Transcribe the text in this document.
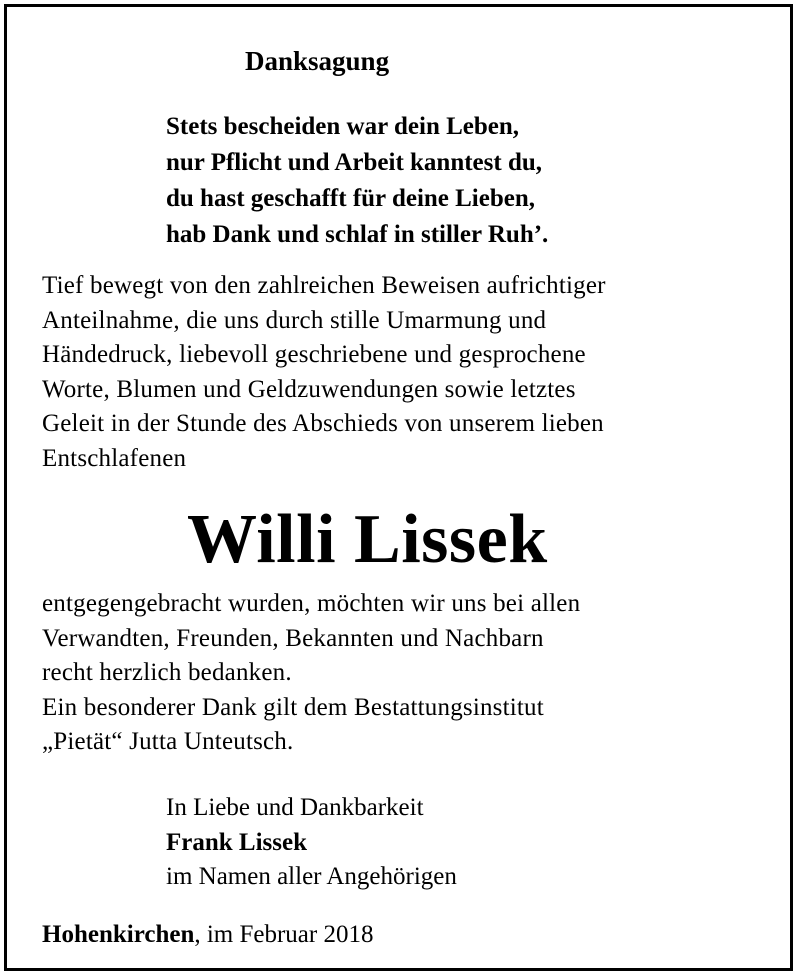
Danksagung
Stets bescheiden war dein Leben,
nur Pflicht und Arbeit kanntest du,
du hast geschafft für deine Lieben,
hab Dank und schlaf in stiller Ruh’.
Tief bewegt von den zahlreichen Beweisen aufrichtiger
Anteilnahme, die uns durch stille Umarmung und
Händedruck, liebevoll geschriebene und gesprochene
Worte, Blumen und Geldzuwendungen sowie letztes
Geleit in der Stunde des Abschieds von unserem lieben
Entschlafenen
Willi Lissek
entgegengebracht wurden, möchten wir uns bei allen
Verwandten, Freunden, Bekannten und Nachbarn
recht herzlich bedanken.
Ein besonderer Dank gilt dem Bestattungsinstitut
„Pietät“ Jutta Unteutsch.
In Liebe und Dankbarkeit
Frank Lissek
im Namen aller Angehörigen
Hohenkirchen, im Februar 2018
